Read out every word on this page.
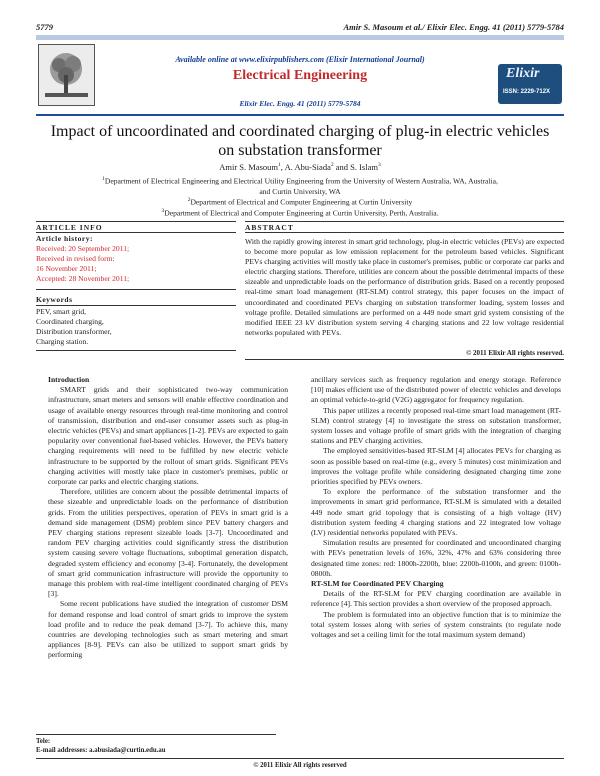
5779	Amir S. Masoum et al./ Elixir Elec. Engg. 41 (2011) 5779-5784
Available online at www.elixirpublishers.com (Elixir International Journal)
Electrical Engineering
Elixir Elec. Engg. 41 (2011) 5779-5784
Elixir
ISSN: 2229-712X
Impact of uncoordinated and coordinated charging of plug-in electric vehicles
on substation transformer
Amir S. Masoum$^1$, A. Abu-Siada$^2$ and S. Islam$^3$
$^1$Department of Electrical Engineering and Electrical Utility Engineering from the University of Western Australia, WA, Australia,
and Curtin University, WA
$^2$Department of Electrical and Computer Engineering at Curtin University
$^3$Department of Electrical and Computer Engineering at Curtin University, Perth, Australia.
ARTICLE INFO
Article history:
Received: 20 September 2011;
Received in revised form:
16 November 2011;
Accepted: 28 November 2011;
Keywords
PEV, smart grid,
Coordinated charging,
Distribution transformer,
Charging station.
ABSTRACT
With the rapidly growing interest in smart grid technology, plug-in electric vehicles (PEVs) are expected to become more popular as low emission replacement for the petroleum based vehicles. Significant PEVs charging activities will mostly take place in customer's premises, public or corporate car parks and electric charging stations. Therefore, utilities are concern about the possible detrimental impacts of these sizeable and unpredictable loads on the performance of distribution grids. Based on a recently proposed real-time smart load management (RT-SLM) control strategy, this paper focuses on the impact of uncoordinated and coordinated PEVs charging on substation transformer loading, system losses and voltage profile. Detailed simulations are performed on a 449 node smart grid system consisting of the modified IEEE 23 kV distribution system serving 4 charging stations and 22 low voltage residential networks populated with PEVs.
© 2011 Elixir All rights reserved.

Introduction

SMART grids and their sophisticated two-way communication infrastructure, smart meters and sensors will enable effective coordination and usage of available energy resources through real-time monitoring and control of transmission, distribution and end-user consumer assets such as plug-in electric vehicles (PEVs) and smart appliances [1-2]. PEVs are expected to gain popularity over conventional fuel-based vehicles. However, the PEVs battery charging requirements will need to be fulfilled by new electric vehicle infrastructure to be supported by the rollout of smart grids. Significant PEVs charging activities will mostly take place in customer's premises, public or corporate car parks and electric charging stations.

Therefore, utilities are concern about the possible detrimental impacts of these sizeable and unpredictable loads on the performance of distribution grids. From the utilities perspectives, operation of PEVs in smart grid is a demand side management (DSM) problem since PEV battery chargers and PEV charging stations represent sizeable loads [3-7]. Uncoordinated and random PEV charging activities could significantly stress the distribution system causing severe voltage fluctuations, suboptimal generation dispatch, degraded system efficiency and economy [3-4]. Fortunately, the development of smart grid communication infrastructure will provide the opportunity to manage this problem with real-time intelligent coordinated charging of PEVs [3].

Some recent publications have studied the integration of customer DSM for demand response and load control of smart grids to improve the system load profile and to reduce the peak demand [3-7]. To achieve this, many countries are developing technologies such as smart metering and smart appliances [8-9]. PEVs can also be utilized to support smart grids by performing

ancillary services such as frequency regulation and energy storage. Reference [10] makes efficient use of the distributed power of electric vehicles and develops an optimal vehicle-to-grid (V2G) aggregator for frequency regulation.

This paper utilizes a recently proposed real-time smart load management (RT-SLM) control strategy [4] to investigate the stress on substation transformer, system losses and voltage profile of smart grids with the integration of charging stations and PEV charging activities.

The employed sensitivities-based RT-SLM [4] allocates PEVs for charging as soon as possible based on real-time (e.g., every 5 minutes) cost minimization and improves the voltage profile while considering designated charging time zone priorities specified by PEVs owners.

To explore the performance of the substation transformer and the improvements in smart grid performance, RT-SLM is simulated with a detailed 449 node smart grid topology that is consisting of a high voltage (HV) distribution system feeding 4 charging stations and 22 integrated low voltage (LV) residential networks populated with PEVs.

Simulation results are presented for coordinated and uncoordinated charging with PEVs penetration levels of 16%, 32%, 47% and 63% considering three designated time zones: red: 1800h-2200h, blue: 2200h-0100h, and green: 0100h-0800h.

RT-SLM for Coordinated PEV Charging

Details of the RT-SLM for PEV charging coordination are available in reference [4]. This section provides a short overview of the proposed approach.

The problem is formulated into an objective function that is to minimize the total system losses along with series of system constraints (to regulate node voltages and set a ceiling limit for the total maximum system demand)

Tele:
E-mail addresses: a.abusiada@curtin.edu.au
© 2011 Elixir All rights reserved
